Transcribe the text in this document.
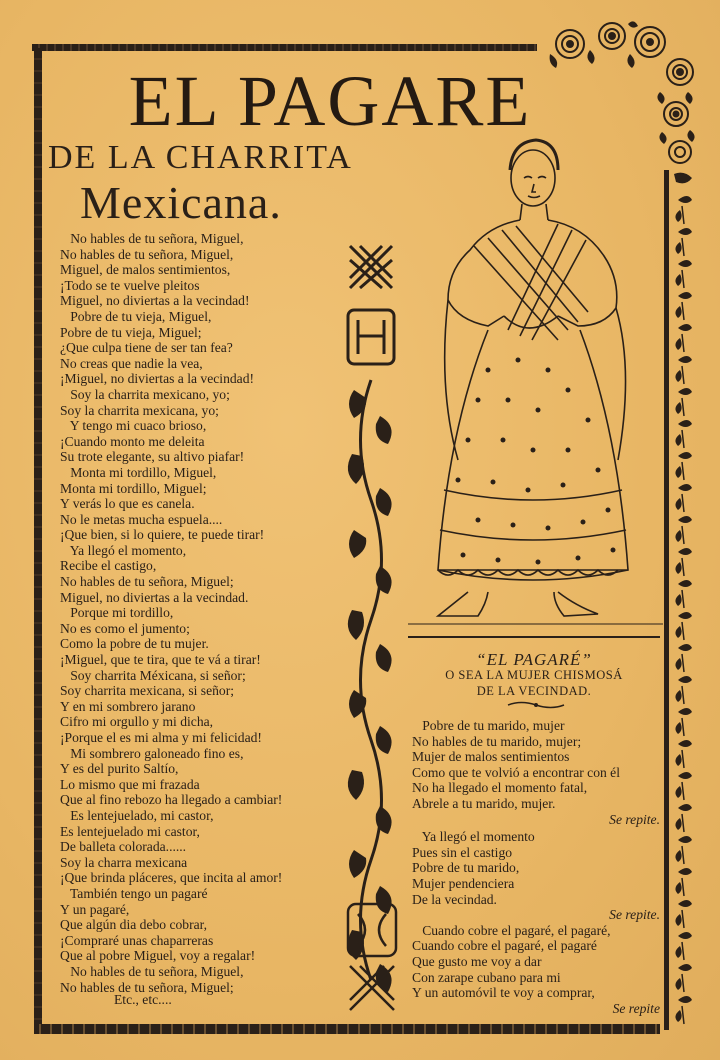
EL PAGARE
DE LA CHARRITA
Mexicana.
No hables de tu señora, Miguel,
No hables de tu señora, Miguel,
Miguel, de malos sentimientos,
¡Todo se te vuelve pleitos
Miguel, no diviertas a la vecindad!
Pobre de tu vieja, Miguel,
Pobre de tu vieja, Miguel;
¿Que culpa tiene de ser tan fea?
No creas que nadie la vea,
¡Miguel, no diviertas a la vecindad!
Soy la charrita mexicano, yo;
Soy la charrita mexicana, yo;
Y tengo mi cuaco brioso,
¡Cuando monto me deleita
Su trote elegante, su altivo piafar!
Monta mi tordillo, Miguel,
Monta mi tordillo, Miguel;
Y verás lo que es canela.
No le metas mucha espuela....
¡Que bien, si lo quiere, te puede tirar!
Ya llegó el momento,
Recibe el castigo,
No hables de tu señora, Miguel;
Miguel, no diviertas a la vecindad.
Porque mi tordillo,
No es como el jumento;
Como la pobre de tu mujer.
¡Miguel, que te tira, que te vá a tirar!
Soy charrita Méxicana, si señor;
Soy charrita mexicana, si señor;
Y en mi sombrero jarano
Cifro mi orgullo y mi dicha,
¡Porque el es mi alma y mi felicidad!
Mi sombrero galoneado fino es,
Y es del purito Saltío,
Lo mismo que mi frazada
Que al fino rebozo ha llegado a cambiar!
Es lentejuelado, mi castor,
Es lentejuelado mi castor,
De balleta colorada......
Soy la charra mexicana
¡Que brinda pláceres, que incita al amor!
También tengo un pagaré
Y un pagaré,
Que algún dia debo cobrar,
¡Compraré unas chaparreras
Que al pobre Miguel, voy a regalar!
No hables de tu señora, Miguel,
No hables de tu señora, Miguel;
Etc., etc....
“EL PAGARÉ”
O SEA LA MUJER CHISMOSÁ
DE LA VECINDAD.
Pobre de tu marido, mujer
No hables de tu marido, mujer;
Mujer de malos sentimientos
Como que te volvió a encontrar con él
No ha llegado el momento fatal,
Abrele a tu marido, mujer.
Se repite.
Ya llegó el momento
Pues sin el castigo
Pobre de tu marido,
Mujer pendenciera
De la vecindad.
Se repite.
Cuando cobre el pagaré, el pagaré,
Cuando cobre el pagaré, el pagaré
Que gusto me voy a dar
Con zarape cubano para mi
Y un automóvil te voy a comprar,
Se repite
